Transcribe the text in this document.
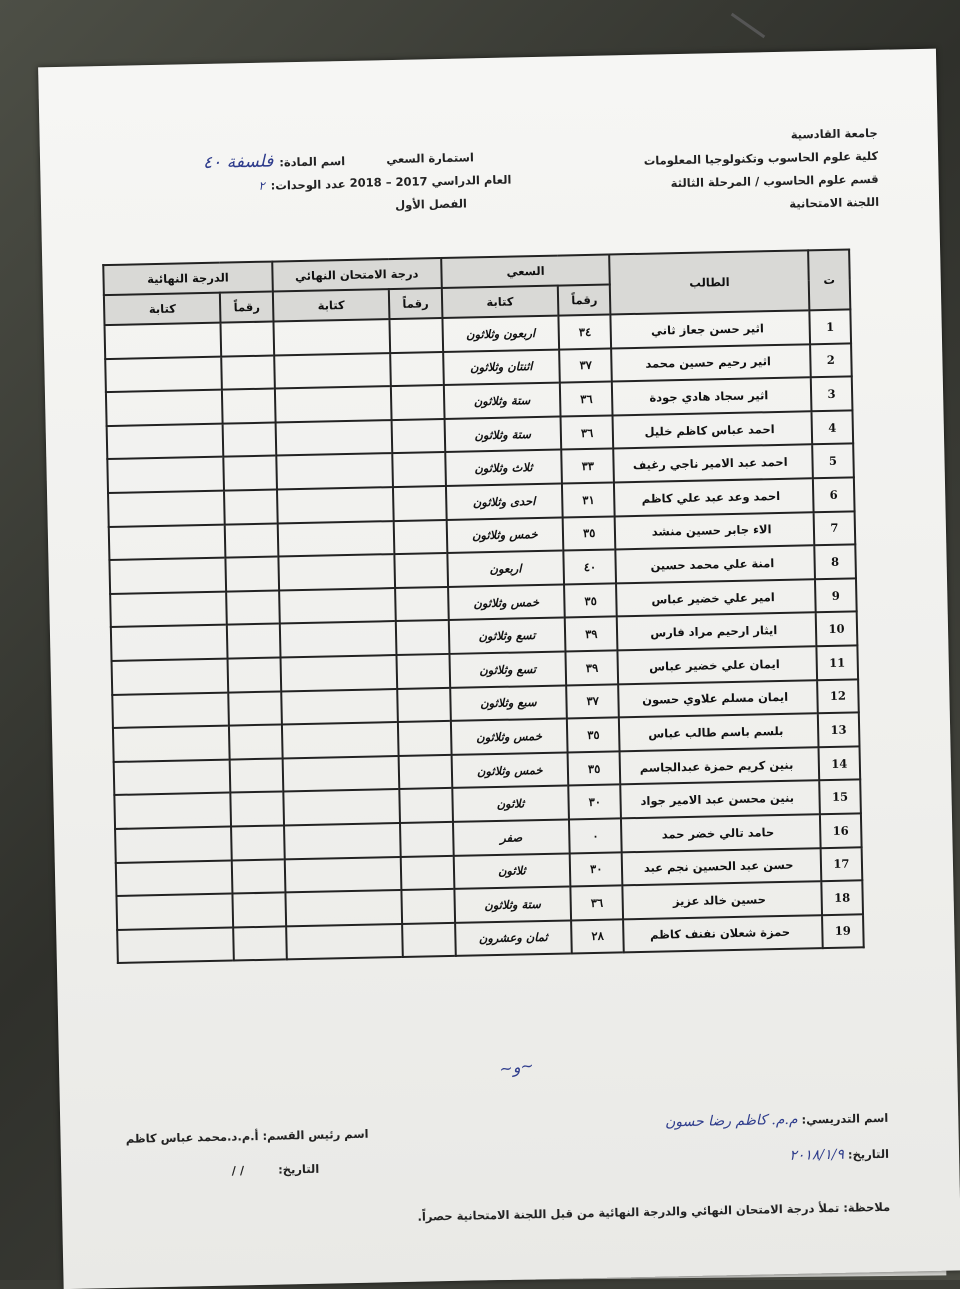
جامعة القادسية
كلية علوم الحاسوب وتكنولوجيا المعلومات
قسم علوم الحاسوب / المرحلة الثالثة
اللجنة الامتحانية
استمارة السعي
العام الدراسي 2017 – 2018
الفصل الأول
اسم المادة:
فلسفة ٤٠
عدد الوحدات:
٢
ت	الطالب	السعي		درجة الامتحان النهائي		الدرجة النهائية	
		رقماً	كتابة	رقماً	كتابة	رقماً	كتابة
1	اثير حسن جعاز ثاني	٣٤	اربعون وثلاثون				
2	اثير رحيم حسين محمد	٣٧	اثنتان وثلاثون				
3	اثير سجاد هادي جودة	٣٦	ستة وثلاثون				
4	احمد عباس كاظم خليل	٣٦	ستة وثلاثون				
5	احمد عبد الامير ناجي رغيف	٣٣	ثلاث وثلاثون				
6	احمد وعد عبد علي كاظم	٣١	احدى وثلاثون				
7	الاء جابر حسين منشد	٣٥	خمس وثلاثون				
8	امنة علي محمد حسين	٤٠	اربعون				
9	امير علي خضير عباس	٣٥	خمس وثلاثون				
10	ايثار ارحيم مراد فارس	٣٩	تسع وثلاثون				
11	ايمان علي خضير عباس	٣٩	تسع وثلاثون				
12	ايمان مسلم علاوي حسون	٣٧	سبع وثلاثون				
13	بلسم باسم طالب عباس	٣٥	خمس وثلاثون				
14	بنين كريم حمزة عبدالجاسم	٣٥	خمس وثلاثون				
15	بنين محسن عبد الامير جواد	٣٠	ثلاثون				
16	حامد تالي خضر حمد	٠	صفر				
17	حسن عبد الحسين نجم عبد	٣٠	ثلاثون				
18	حسين خالد عزيز	٣٦	ستة وثلاثون				
19	حمزة شعلان نفنف كاظم	٢٨	ثمان وعشرون				
~ﻭ~
اسم التدريسي: م.م. كاظم رضا حسون
التاريخ: ٢٠١٨/١/٩
اسم رئيس القسم: أ.م.د.محمد عباس كاظم
التاريخ: / /
ملاحظة: تملأ درجة الامتحان النهائي والدرجة النهائية من قبل اللجنة الامتحانية حصراً.
